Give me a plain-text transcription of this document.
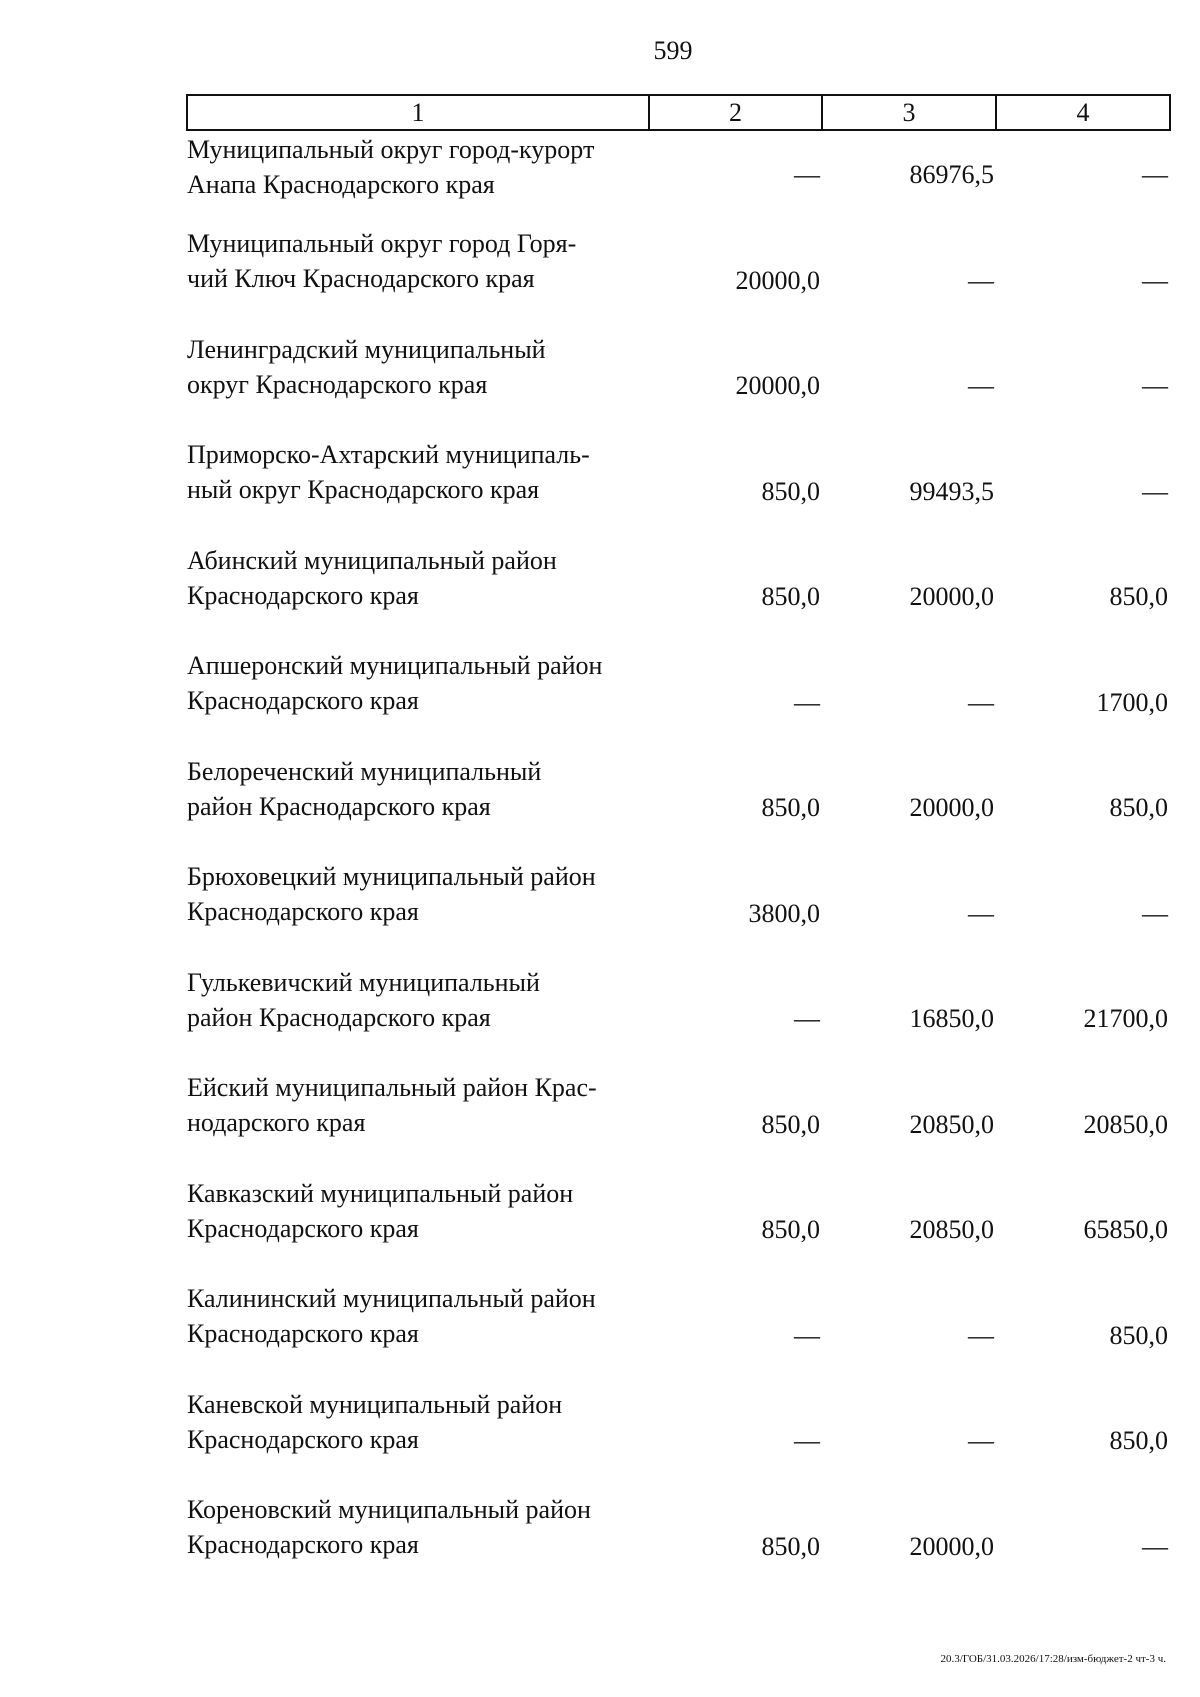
599
1	2	3	4

Муниципальный округ город-курорт
Анапа Краснодарского края	—	86976,5	—

Муниципальный округ город Горя-
чий Ключ Краснодарского края	20000,0	—	—

Ленинградский муниципальный
округ Краснодарского края	20000,0	—	—

Приморско-Ахтарский муниципаль-
ный округ Краснодарского края	850,0	99493,5	—

Абинский муниципальный район
Краснодарского края	850,0	20000,0	850,0

Апшеронский муниципальный район
Краснодарского края	—	—	1700,0

Белореченский муниципальный
район Краснодарского края	850,0	20000,0	850,0

Брюховецкий муниципальный район
Краснодарского края	3800,0	—	—

Гулькевичский муниципальный
район Краснодарского края	—	16850,0	21700,0

Ейский муниципальный район Крас-
нодарского края	850,0	20850,0	20850,0

Кавказский муниципальный район
Краснодарского края	850,0	20850,0	65850,0

Калининский муниципальный район
Краснодарского края	—	—	850,0

Каневской муниципальный район
Краснодарского края	—	—	850,0

Кореновский муниципальный район
Краснодарского края	850,0	20000,0	—
20.3/ГОБ/31.03.2026/17:28/изм-бюджет-2 чт-3 ч.
